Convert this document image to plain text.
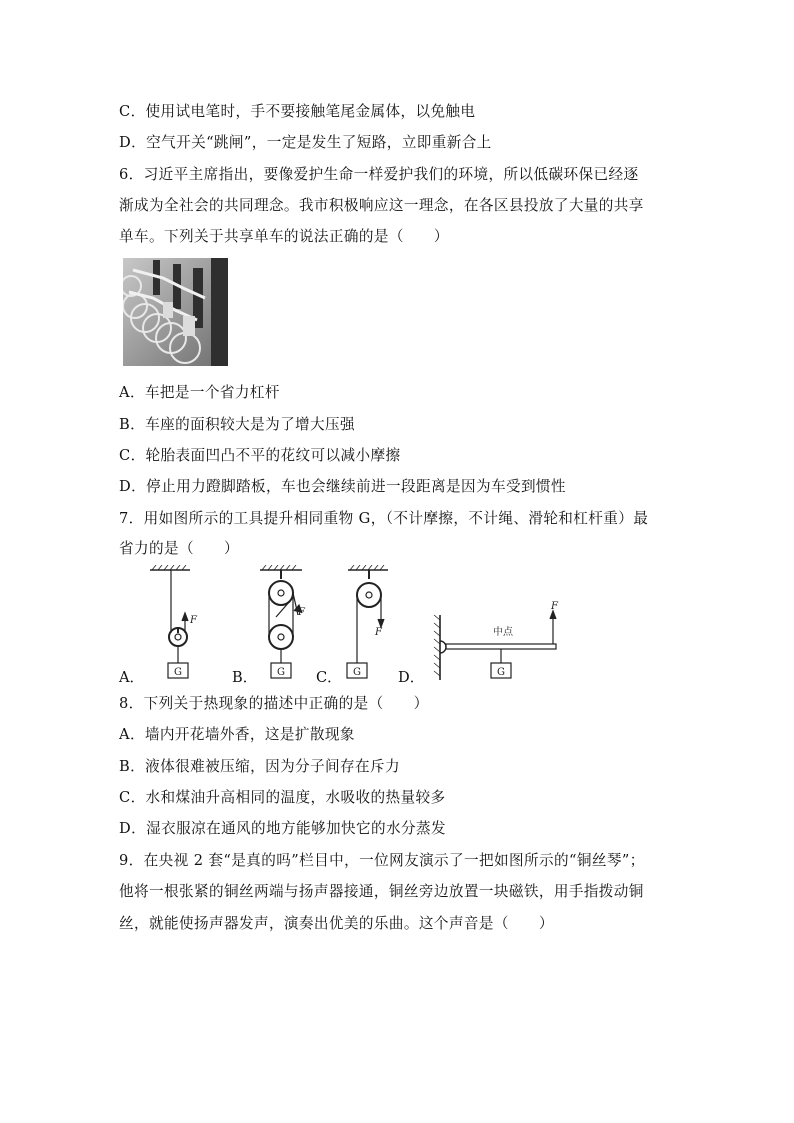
C．使用试电笔时，手不要接触笔尾金属体，以免触电
D．空气开关“跳闸”，一定是发生了短路，立即重新合上
6．习近平主席指出，要像爱护生命一样爱护我们的环境，所以低碳环保已经逐
渐成为全社会的共同理念。我市积极响应这一理念，在各区县投放了大量的共享
单车。下列关于共享单车的说法正确的是（　　）
A．车把是一个省力杠杆
B．车座的面积较大是为了增大压强
C．轮胎表面凹凸不平的花纹可以减小摩擦
D．停止用力蹬脚踏板，车也会继续前进一段距离是因为车受到惯性
7．用如图所示的工具提升相同重物 G，（不计摩擦，不计绳、滑轮和杠杆重）最
省力的是（　　）
F
G
F
G
F
G
F
中点
G
A．	B．	C．	D．
8．下列关于热现象的描述中正确的是（　　）
A．墙内开花墙外香，这是扩散现象
B．液体很难被压缩，因为分子间存在斥力
C．水和煤油升高相同的温度，水吸收的热量较多
D．湿衣服凉在通风的地方能够加快它的水分蒸发
9．在央视 2 套“是真的吗”栏目中，一位网友演示了一把如图所示的“铜丝琴”；
他将一根张紧的铜丝两端与扬声器接通，铜丝旁边放置一块磁铁，用手指拨动铜
丝，就能使扬声器发声，演奏出优美的乐曲。这个声音是（　　）
